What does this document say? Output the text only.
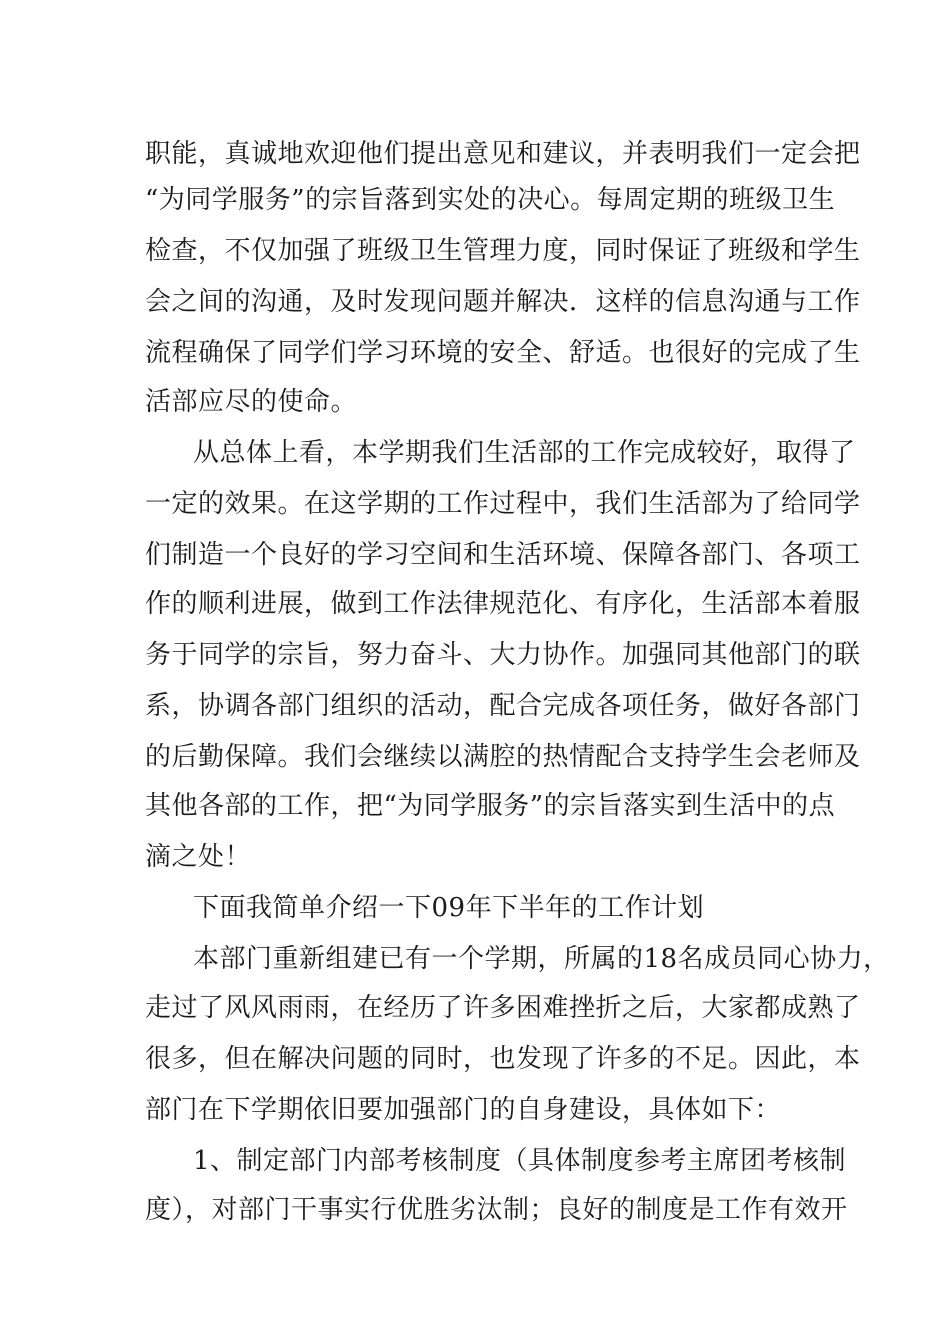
职能，真诚地欢迎他们提出意见和建议，并表明我们一定会把
“为同学服务”的宗旨落到实处的决心。每周定期的班级卫生
检查，不仅加强了班级卫生管理力度，同时保证了班级和学生
会之间的沟通，及时发现问题并解决．这样的信息沟通与工作
流程确保了同学们学习环境的安全、舒适。也很好的完成了生
活部应尽的使命。
从总体上看，本学期我们生活部的工作完成较好，取得了
一定的效果。在这学期的工作过程中，我们生活部为了给同学
们制造一个良好的学习空间和生活环境、保障各部门、各项工
作的顺利进展，做到工作法律规范化、有序化，生活部本着服
务于同学的宗旨，努力奋斗、大力协作。加强同其他部门的联
系，协调各部门组织的活动，配合完成各项任务，做好各部门
的后勤保障。我们会继续以满腔的热情配合支持学生会老师及
其他各部的工作，把“为同学服务”的宗旨落实到生活中的点
滴之处！
下面我简单介绍一下09年下半年的工作计划
本部门重新组建已有一个学期，所属的18名成员同心协力，
走过了风风雨雨，在经历了许多困难挫折之后，大家都成熟了
很多，但在解决问题的同时，也发现了许多的不足。因此，本
部门在下学期依旧要加强部门的自身建设，具体如下：
1、制定部门内部考核制度（具体制度参考主席团考核制
度），对部门干事实行优胜劣汰制；良好的制度是工作有效开
